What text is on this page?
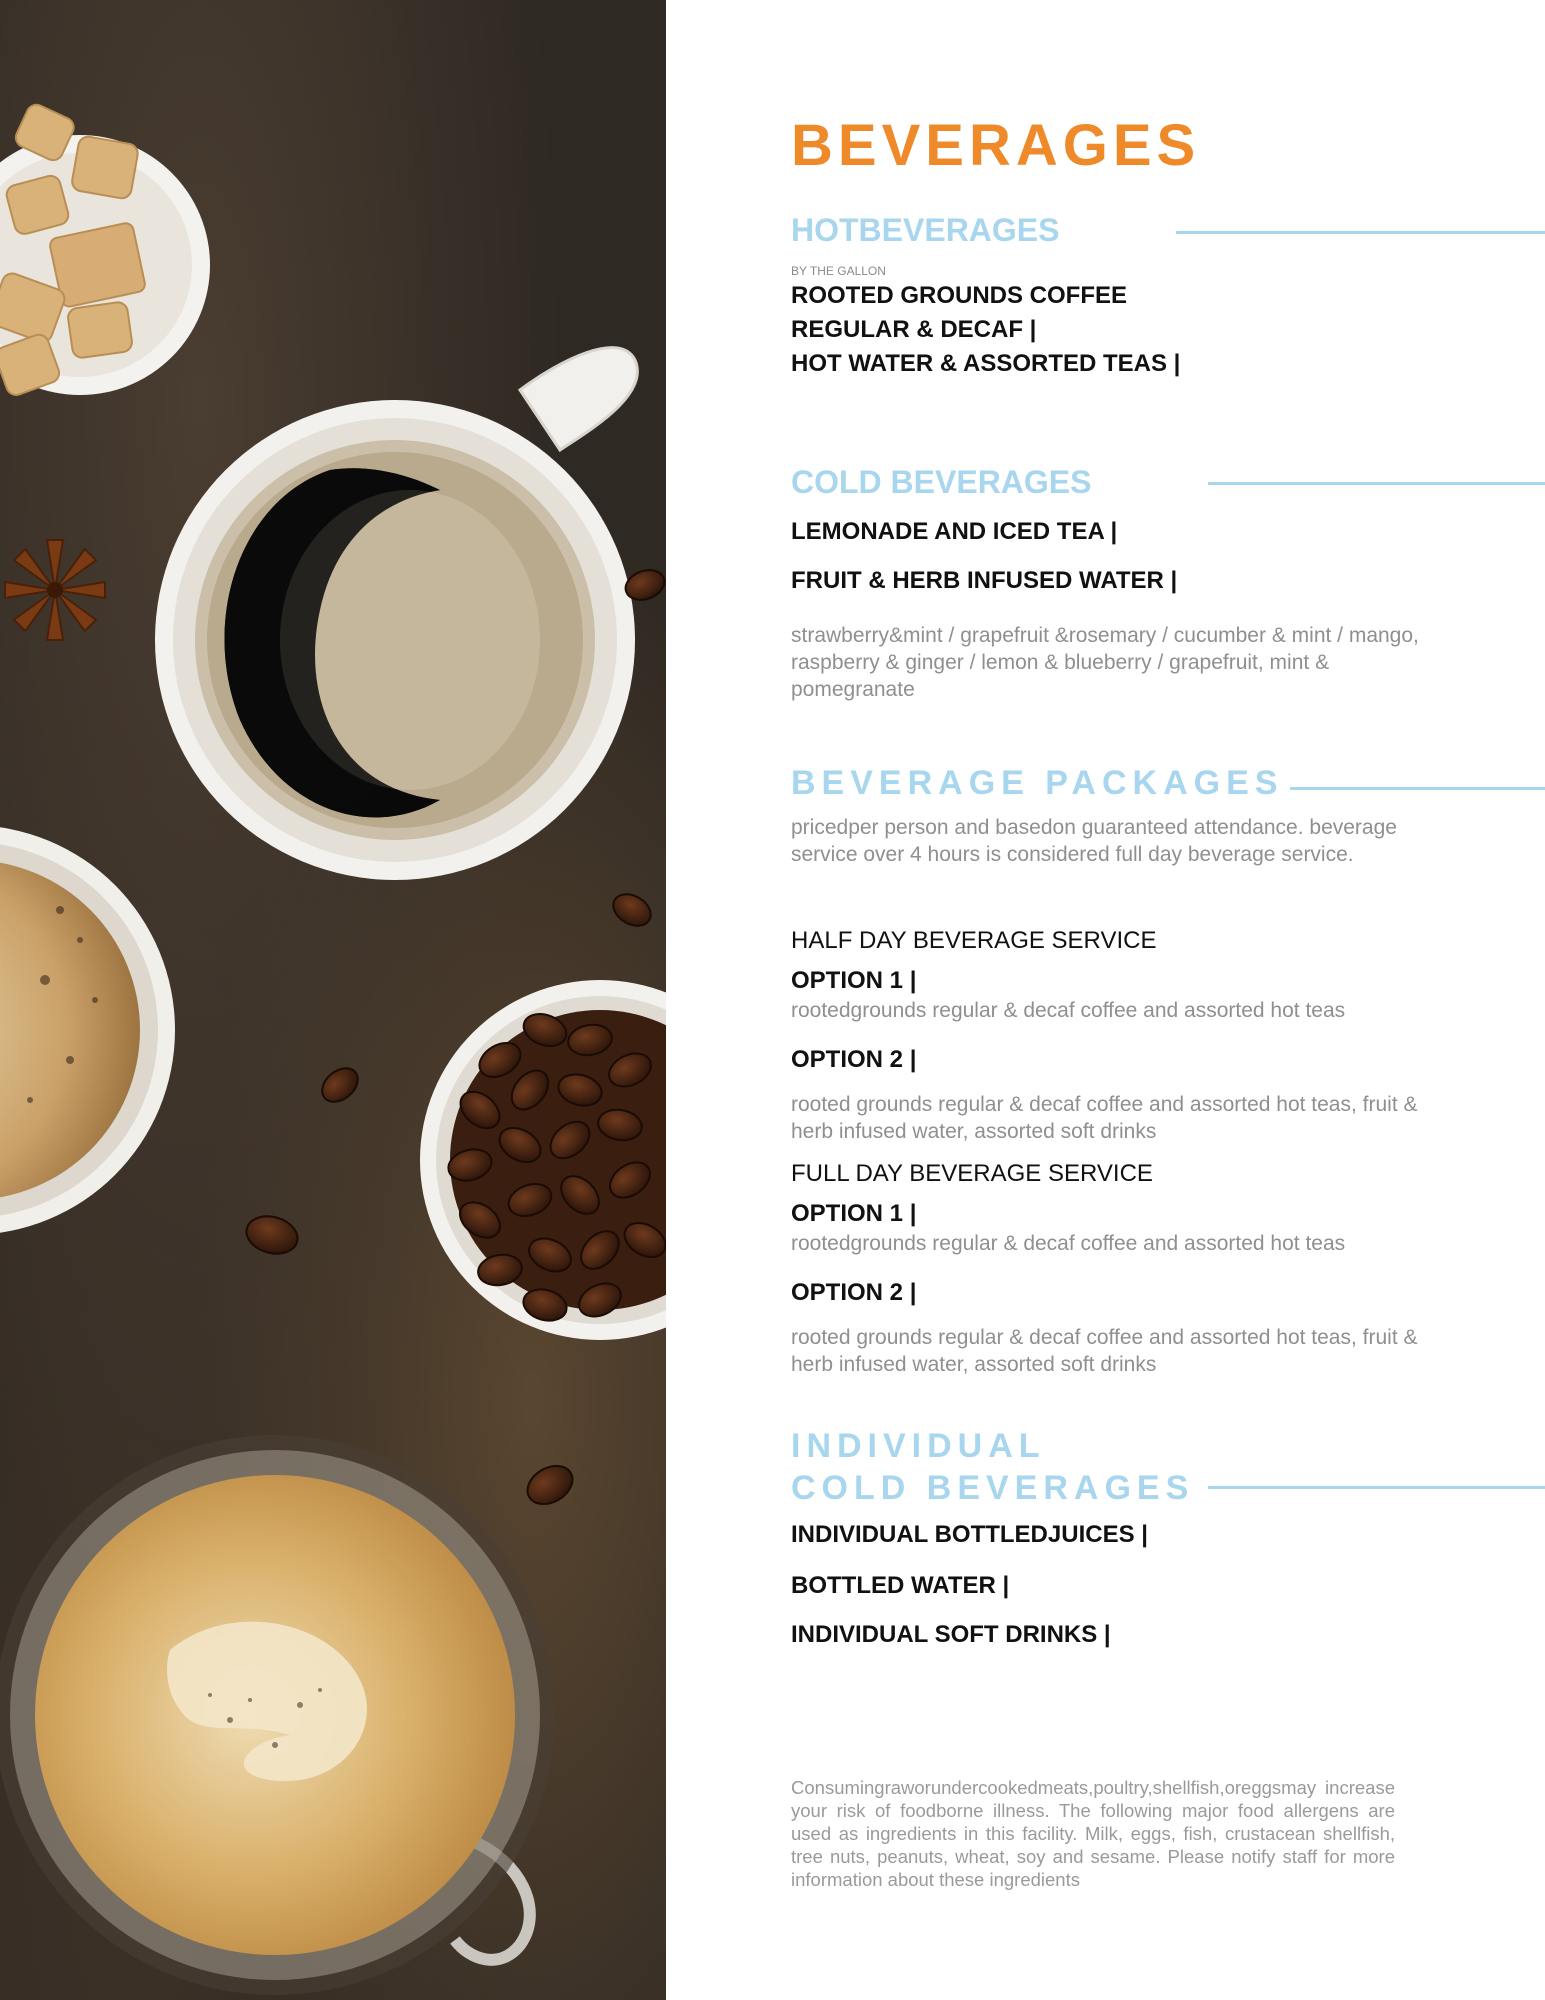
BEVERAGES
HOTBEVERAGES
BY THE GALLON

ROOTED GROUNDS COFFEE

REGULAR & DECAF |

HOT WATER & ASSORTED TEAS |

COLD BEVERAGES

LEMONADE AND ICED TEA |

FRUIT & HERB INFUSED WATER |

strawberry&mint / grapefruit &rosemary / cucumber & mint / mango, raspberry & ginger / lemon & blueberry / grapefruit, mint & pomegranate
BEVERAGE PACKAGES
pricedper person and basedon guaranteed attendance. beverage service over 4 hours is considered full day beverage service.
HALF DAY BEVERAGE SERVICE

OPTION 1 |

rootedgrounds regular & decaf coffee and assorted hot teas

OPTION 2 |

rooted grounds regular & decaf coffee and assorted hot teas, fruit & herb infused water, assorted soft drinks
FULL DAY BEVERAGE SERVICE

OPTION 1 |

rootedgrounds regular & decaf coffee and assorted hot teas

OPTION 2 |

rooted grounds regular & decaf coffee and assorted hot teas, fruit & herb infused water, assorted soft drinks
INDIVIDUAL
COLD BEVERAGES

INDIVIDUAL BOTTLEDJUICES |

BOTTLED WATER |

INDIVIDUAL SOFT DRINKS |

Consumingraworundercookedmeats,poultry,shellfish,oreggsmay increase your risk of foodborne illness. The following major food allergens are used as ingredients in this facility. Milk, eggs, fish, crustacean shellfish, tree nuts, peanuts, wheat, soy and sesame. Please notify staff for more information about these ingredients
